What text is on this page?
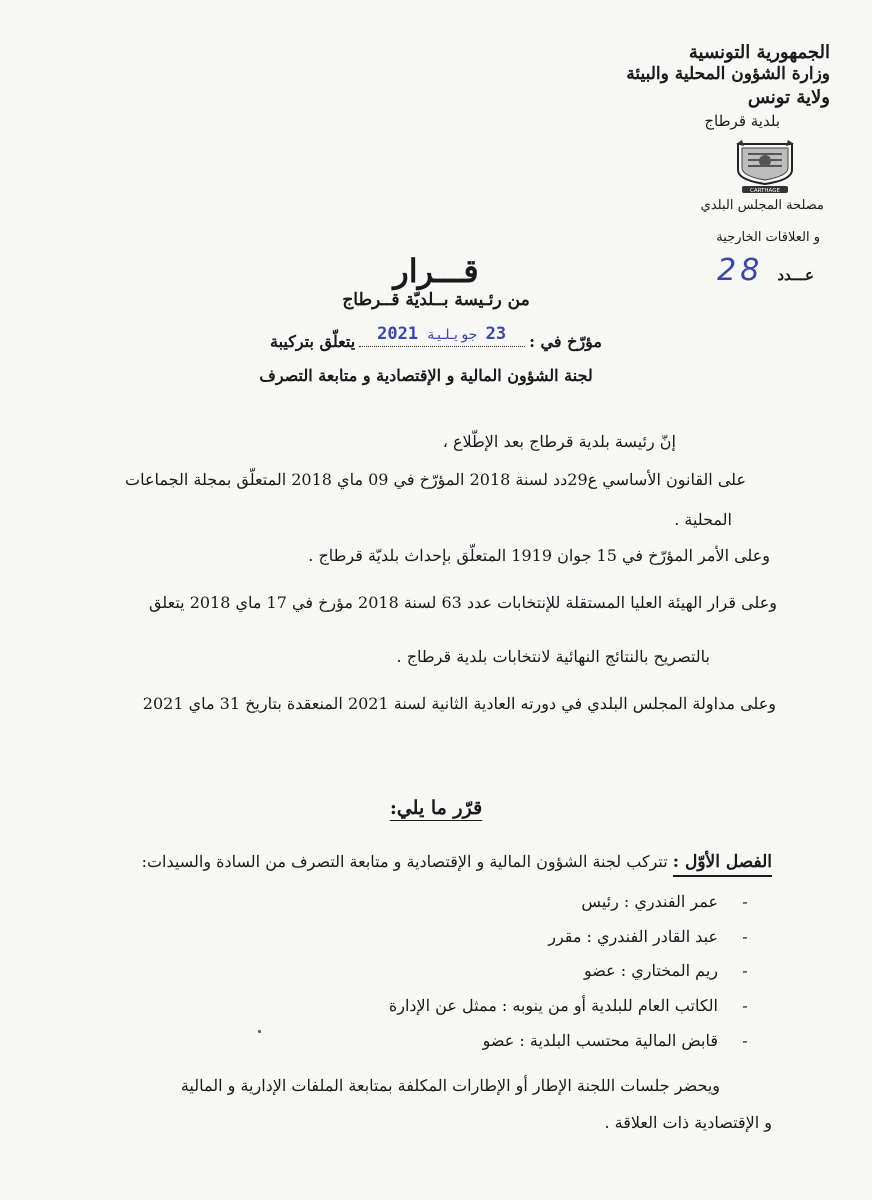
الجمهورية التونسية
وزارة الشؤون المحلية والبيئة
ولاية تونس
بلدية قرطاج
CARTHAGE
مصلحة المجلس البلدي
و العلاقات الخارجية
عـــدد
28
قـــرار
من رئـيسة بــلديّة قــرطاج
مؤرّخ في :
23 جويلية 2021
يتعلّق بتركيبة
لجنة الشؤون المالية و الإقتصادية و متابعة التصرف
إنّ رئيسة بلدية قرطاج بعد الإطّلاع ،
على القانون الأساسي ع29دد لسنة 2018 المؤرّخ في 09 ماي 2018 المتعلّق بمجلة الجماعات
المحلية .
وعلى الأمر المؤرّخ في 15 جوان 1919 المتعلّق بإحداث بلديّة قرطاج .
وعلى قرار الهيئة العليا المستقلة للإنتخابات عدد 63 لسنة 2018 مؤرخ في 17 ماي 2018 يتعلق
بالتصريح بالنتائج النهائية لانتخابات بلدية قرطاج .
وعلى مداولة المجلس البلدي في دورته العادية الثانية لسنة 2021 المنعقدة بتاريخ 31 ماي 2021
قرّر ما يلي:
الفصل الأوّل : تتركب لجنة الشؤون المالية و الإقتصادية و متابعة التصرف من السادة والسيدات:
-
عمر الفندري : رئيس
-
عبد القادر الفندري : مقرر
-
ريم المختاري : عضو
-
الكاتب العام للبلدية أو من ينوبه : ممثل عن الإدارة
-
قابض المالية محتسب البلدية : عضو
ويحضر جلسات اللجنة الإطار أو الإطارات المكلفة بمتابعة الملفات الإدارية و المالية
و الإقتصادية ذات العلاقة .
